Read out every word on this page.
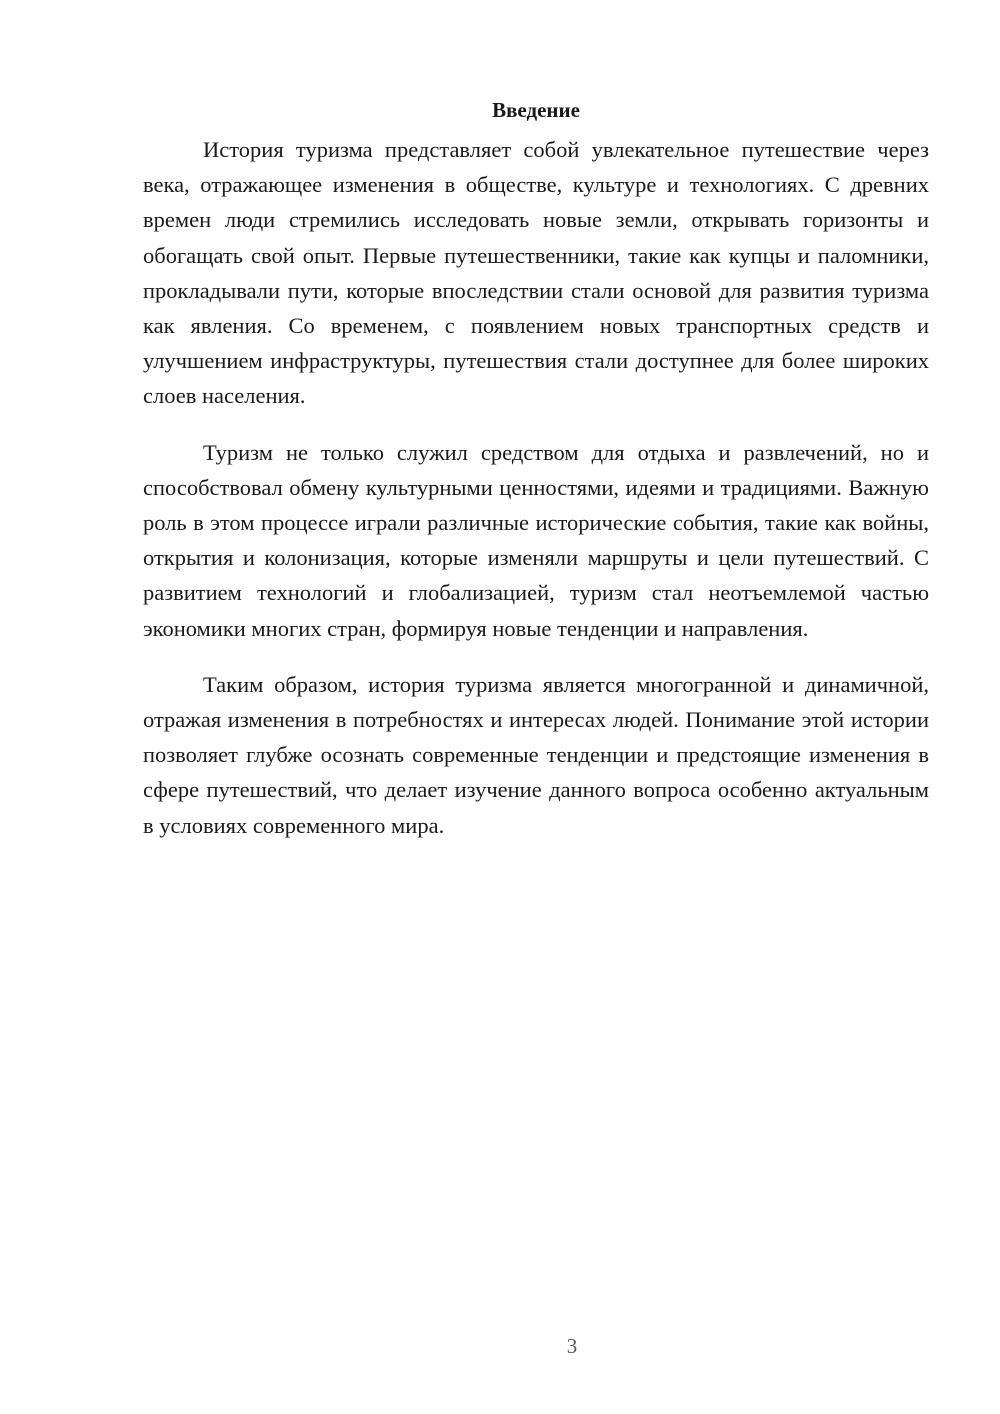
Введение

История туризма представляет собой увлекательное путешествие через века, отражающее изменения в обществе, культуре и технологиях. С древних времен люди стремились исследовать новые земли, открывать горизонты и обогащать свой опыт. Первые путешественники, такие как купцы и паломники, прокладывали пути, которые впоследствии стали основой для развития туризма как явления. Со временем, с появлением новых транспортных средств и улучшением инфраструктуры, путешествия стали доступнее для более широких слоев населения.

Туризм не только служил средством для отдыха и развлечений, но и способствовал обмену культурными ценностями, идеями и традициями. Важную роль в этом процессе играли различные исторические события, такие как войны, открытия и колонизация, которые изменяли маршруты и цели путешествий. С развитием технологий и глобализацией, туризм стал неотъемлемой частью экономики многих стран, формируя новые тенденции и направления.

Таким образом, история туризма является многогранной и динамичной, отражая изменения в потребностях и интересах людей. Понимание этой истории позволяет глубже осознать современные тенденции и предстоящие изменения в сфере путешествий, что делает изучение данного вопроса особенно актуальным в условиях современного мира.

3
